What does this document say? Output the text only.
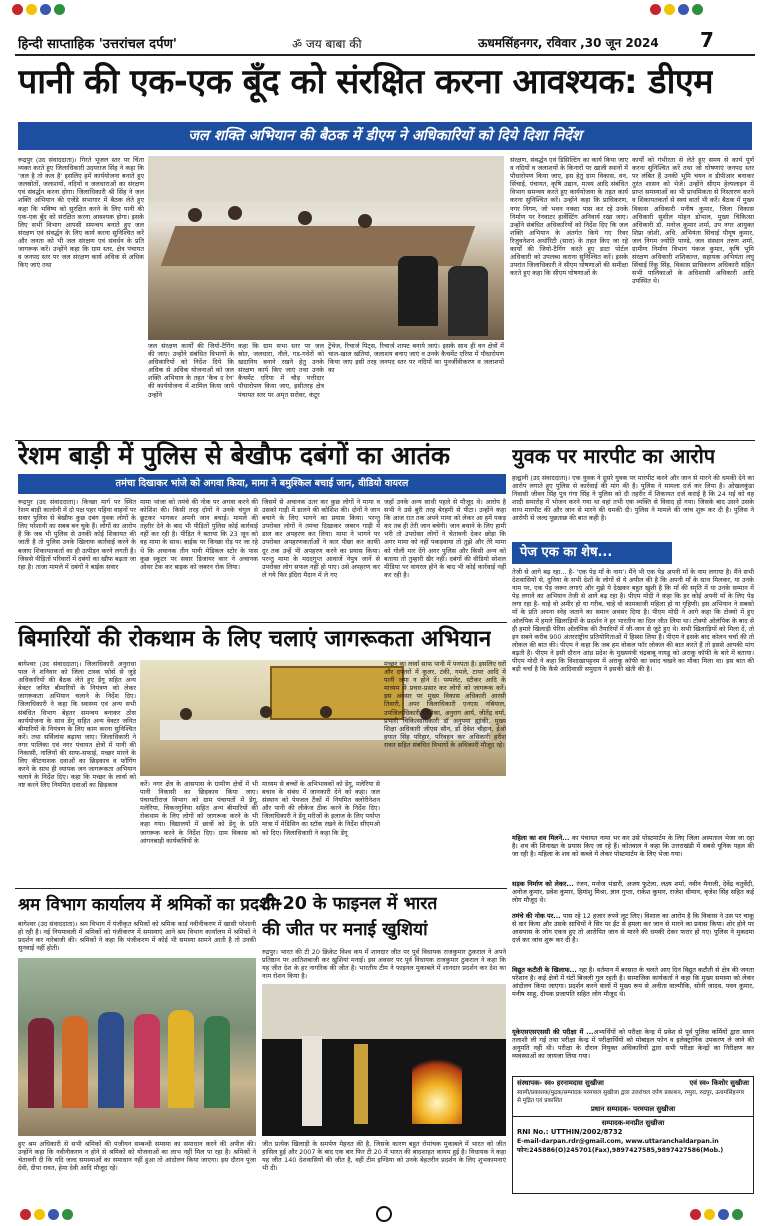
हिन्दी साप्ताहिक 'उत्तरांचल दर्पण'	ॐ जय बाबा की	ऊधमसिंहनगर, रविवार ,30 जून 2024 7
पानी की एक-एक बूँद को संरक्षित करना आवश्यक: डीएम
जल शक्ति अभियान की बैठक में डीएम ने अधिकारियों को दिये दिशा निर्देश
रूद्रपुर (उद संवाददाता)। गिरते भूजल स्तर पर चिंता व्यक्त करते हुए जिलाधिकारी उदयराज सिंह ने कहा कि 'जल है तो कल है' इसलिए हमें कार्ययोजना बनाते हुए जलस्रोतों, जलाशयों, नदियों व जलधाराओं का संरक्षण एवं संवर्द्धन करना होगा। जिलाधिकारी श्री सिंह ने जल शक्ति अभियान की एजेंडे सभागार में बैठक लेते हुए कहा कि भविष्य को सुरक्षित करने के लिए पानी की एक-एक बूँद को संरक्षित करना आवश्यक होगा। इसके लिए सभी विभाग आपसी समन्वय बनाते हुए जल संरक्षण एवं संवर्द्धन के लिए कार्य करना सुनिश्चित करें और जनता को भी जल संरक्षण एवं संवर्धन के प्रति जागरूक करें। उन्होंने कहा कि ग्राम स्तर, क्षेत्र पंचायत व जनपद स्तर पर जल संरक्षण कार्य अधिक से अधिक किए जाएं तथा
संरक्षण, संवर्द्धन एवं डिसिल्टिंग का कार्य किया जाए व नदियों व जलाशयों के किनारों पर खाली स्थानों में पौधारोपण किया जाए, इस हेतु ग्राम विकास, वन, सिंचाई, पंचायत, कृषि उद्यान, मत्स्य आदि संबंधित विभाग समन्वय करते हुए कार्ययोजना के तहत कार्य करना सुनिश्चित करें। उन्होंने कहा कि प्राधिकरण, नगर निगम, जो भवन नक्शा पास कर रहे उनके निर्माण पर रेनवाटर हार्वेस्टिंग अनिवार्य रखा जाए। उन्होंने संबंधित अधिकारियों को निर्देश दिए कि जल शक्ति अभियान के अंतर्गत किये गए रिवर रिजुवनेशन अथॉरिटी (सारा) के तहत किए जा रहे कार्यों की जियो-टैगिंग करते हुए डाटा पोर्टल अधिकारी को उपलब्ध कराना सुनिश्चित करें। इसके उपरांत जिलाधिकारी ने सीएम घोषणाओं की समीक्षा करते हुए कहा कि सीएम घोषणाओं के
कार्यों को गंभीरता से लेते हुए समय से कार्य पूर्ण करना सुनिश्चित करें तथा जो घोषणाएं जनपद स्तर पर लंबित हैं उनकी भूमि चयन व डीपीआर बनाकर तुरंत शासन को भेजें। उन्होंने सीएम हेल्पलाइन में प्राप्त समस्याओं का भी प्राथमिकता से निस्तारण करने व शिकायतकर्ता से स्वयं वार्ता भी करें। बैठक में मुख्य विकास अधिकारी मनीष कुमार, जिला विकास अधिकारी सुशील मोहन डोभाल, मुख्य चिकित्सा अधिकारी डॉ. मनोज कुमार शर्मा, उप नगर आयुक्त शिप्रा जोशी, अधि. अभियंता सिंचाई पीयूष कुमार, जल निगम ज्योति पाण्डे, जल संस्थान तरुण शर्मा, ग्रामीण निर्माण विभाग पंकज कुमार, कृषि भूमि संरक्षण अधिकारी शशिकान्त, सहायक अभियंता लघु सिंचाई रिंकू सिंह, विकास प्राधिकरण अधिकारी सहित सभी पालिकाओं के अधिशासी अधिकारी आदि उपस्थित थे।
जल संरक्षण कार्यों की जियो-टैगिंग की जाए। उन्होंने संबंधित विभागों के अधिकारियों को निर्देश दिये कि अधिक से अधिक योजनाओं को जल शक्ति अभियान के तहत 'कैच द रेन' की कार्ययोजना में शामिल किया जाये उन्होंने
कहा कि ग्राम सभा स्तर पर जल स्रोत, जलधारा, नौले, गड-गधेरों को खदानिय बनाने रखने हेतु उनके संरक्षण कार्य किए जाएं तथा उनके कैचमेंट एरिया में चौड़ पत्तीदार पौधारोपण किया जाए, इसीतरह क्षेत्र पंचायत स्तर पर अमृत सरोवर, कंटूर
ट्रेंचेज, रिचार्ज पिट्स, रिचार्ज शाफ्ट बनाये जाएं। इसके साथ ही वन क्षेत्रों में चाल-खाल खंतियां, जलाशय बनाए जाएं व उनके कैचमेंट एरिया में पौधारोपण किया जाए इसी तरह जनपद स्तर पर नदियों का पुनर्जीवीकरण व जलाशयों का
रेशम बाड़ी में पुलिस से बेखौफ दबंगों का आतंक
तमंचा दिखाकर भांजे को अगवा किया, मामा ने बमुश्किल बचाई जान, वीडियो वायरल
रूद्रपुर (उद संवाददाता)। किच्छा मार्ग पर स्थित रेशम बाड़ी कालोनी में दो पक्ष पहर पहिया वाहनों पर सवार पुलिस से बेखौफ कुछ दबंग युवक लोगों के लिए परेशानी का सबब बन चुके हैं। लोगों का आरोप है कि जब भी पुलिस से उनकी कोई शिकायत की जाती है तो पुलिस उनके खिलाफ कार्रवाई करने के बजाए शिकायतकर्ता का ही उत्पीड़न करने लगती है। जिससे पीड़ितों परिवारों में दबंगों का खौफ बढ़ता जा रहा है। ताजा मामले में दबंगों ने बाईक सवार
मामा भांजा को तमंचे की नोक पर अगवा करने की कोशिश की। किसी तरह दोनों ने उनके चंगुल से छूटकर भागकर अपनी जान बचाई। मामले की तहरीर देने के बाद भी पीड़ितों पुलिस कोई कार्रवाई नहीं कर रही है। पीड़ित ने बताया कि 23 जून को वह मामा के साथ। बाईक पर किच्छा रोड़ पर जा रहे थे कि अचानक तीन पानी मेडिकल स्टोर के पास कुछ स्कूटर पर सवार डिजायर कार ने अचानक ओवर टेक कर बाइक को जबरन रोक लिया।
जिसमें से अचानक उतर कर कुछ लोगों ने मामा व उसको गाड़ी में डालने की कोशिश की। दोनों ने जान बचाने के लिए भागने का प्रयास किया। परन्तु उपरोक्त लोगों ने तमंचा दिखाकर जबरन गाड़ी में डाल कर अपहरण कर लिया। मामा ने भागने पर उपरोक्त अपहरणकर्ताओं ने कार पीछा कर काफी दूर तक उन्हें भी अपहरण करने का प्रयास किया। परन्तु मामा के मददगुप्त आवाजें नेपुत्र जानें से उपरोक्त लोग सफल नहीं हो पाए। उसे अपहरण कर ले गये फिर इंदिरा मैदान में ले गए
जहाँ उनके अन्य साथी पहले से मौजूद थे। आरोप है सभी ने उसे बुरी तरह बेरहमी से पीटा। उन्होंने कहा कि आज रात तक अपने मामा को लेकर आ हमें पकड़ कर तब ही तेरी जान बचेगी। जान बचाने के लिए हामी भरी तो उपरोक्त लोगों ने चेतावनी देकर छोड़ा कि अगर मामा को नहीं पकड़वाया तो तुझे और तेरे मामा को गोली मार देंगे अगर पुलिस और किसी अन्य को बताया तो तुम्हारी खैर नहीं। दबंगों की वीडियो सोशल मीडिया पर वायरल होने के बाद भी कोई कार्रवाई नहीं कर रही है।
युवक पर मारपीट का आरोप
हल्द्वानी (उद संवाददाता)। एक युवक ने दूसरे युवक पर मारपीट करने और जान से मारने की धमकी देने का आरोप लगाते हुए पुलिस से कार्रवाई की मांग की है। पुलिस ने मामला दर्ज कर लिया है। ओखलकुंडा निवासी जीवन सिंह पुत्र गंगा सिंह ने पुलिस को दी तहरीर में शिकायत दर्ज कराई है कि 24 मई को वह शादी समारोह में भोजन करने गया था वहां तभी एक व्यक्ति से विवाद हो गया। जिसके बाद उसने उसके साथ मारपीट की और जान से मारने की धमकी दी। पुलिस ने मामले की जांच शुरू कर दी है। पुलिस ने आरोपी से जल्द पूछताछ की बात कही है।
पेज एक का शेष...
तेजी से आगे बढ़ रहा... है- 'एक पेड़ माँ के नाम'। मैंने भी एक पेड़ अपनी माँ के नाम लगाया है। मैंने सभी देशवासियों से, दुनिया के सभी देशों के लोगों से ये अपील की है कि अपनी माँ के साथ मिलकर, या उनके नाम पर, एक पेड़ जरूर लगाएं और मुझे ये देखकर बहुत खुशी है कि माँ की स्मृति में या उनके सम्मान में पेड़ लगाने का अभियान तेजी से आगे बढ़ रहा है। पीएम मोदी ने कहा कि हर कोई अपनी माँ के लिए पेड़ लगा रहा है- चाहे वो अमीर हो या गरीब, चाहे वो कामकाजी महिला हो या गृहिणी। इस अभियान ने सबको माँ के प्रति अपना स्नेह जताने का समान अवसर दिया है। पीएम मोदी ने आगे कहा कि टोक्यो में हुए ओलंपिक में हमारे खिलाड़ियों के प्रदर्शन ने हर भारतीय का दिल जीत लिया था। टोक्यो ओलंपिक के बाद से ही हमारे खिलाड़ी पेरिस ओलंपिक की तैयारियों में जी-जान से जुटे हुए थे। सभी खिलाड़ियों को मिला दें, तो इन सबने करीब 900 अंतरराष्ट्रीय प्रतियोगिताओं में हिस्सा लिया है। पीएम ने इसके बाद कोलन चर्चा की तो लोकल की बात की। पीएम ने कहा कि जब हम वोकल फॉर लोकल की बात करते हैं तो इससे आपकी मांग बढ़ती है। पीएम ने इसी दौरान आंध्र प्रदेश के मुख्यमंत्री चंद्रबाबू नायडू को अराकू कॉफी के बारे में बताया। पीएम मोदी ने कहा कि विशाखापट्टनम में अराकू कॉफी का स्वाद चखने का मौका मिला था। इस बात की बड़ी चर्चा है कि कैसे आदिवासी समुदाय ने इसकी खेती की है।
महिला का शव मिलने... का पंचायत नामा भर कर उसे पोस्टमार्टम के लिए जिला अस्पताल भेजा जा रहा है। शव की शिनाख्त के प्रयास किए जा रहे हैं। कोतवाल ने कहा कि उत्तराखंडी में सबसे यूनिक पहल की जा रही है। महिला के शव को कब्जे में लेकर पोस्टमार्टम के लिए भेजा गया।
सड़क निर्माण को लेकर... रंजन, मनोज भंडारी, अजय फुटेला, लक्ष्य शर्मा, नवीन मैनाली, देवेंद्र चतुर्वेदी, अनोज कुमार, प्रवेश कुमार, हिमांशु मिश्रा, ज्ञान गुप्ता, राकेश कुमार, राजेश धीमान, बृजेश सिंह सहित कई लोग मौजूद थे।
तमंचे की नोक पर... पास रहे 12 हजार रुपये लूट लिए। विशाल का आरोप है कि विकास ने उस पर चाकू से वार किया और उसके साथियों ने सिर पर ईंट से हमला कर जान से मारने का प्रयास किया। शोर होने पर आसपास के लोग एकत्र हुए तो आरोपित जान से मारने की धमकी देकर फरार हो गए। पुलिस ने मुकदमा दर्ज कर जांच शुरू कर दी है।
विद्युत कटौती के खिलाफ... रहा है। वर्तमान में बरसात के चलते आए दिन विद्युत कटौती से क्षेत्र की जनता परेशान है। कई क्षेत्रों में घंटों बिजली गुल रहती है। सामाजिक कार्यकर्ता ने कहा कि मुख्य समस्या को लेकर आंदोलन किया जाएगा। प्रदर्शन करने वालों में मुख्य रूप से अनीता वाल्मीकि, सोनी जादव, पवन कुमार, मनीष साहू, दीपक प्रजापति सहित लोग मौजूद थे।
यूकेएसएसएससी की परीक्षा में ...अभ्यर्थियों को परीक्षा केन्द्र में प्रवेश से पूर्व पुलिस कर्मियों द्वारा सघन तलाशी ली गई तथा परीक्षा केन्द्र में परीक्षार्थियों को मोबाइल फोन व इलेक्ट्रानिक उपकरण ले जाने की अनुमति नहीं थी। परीक्षा के दौरान नियुक्त अधिकारियों द्वारा सभी परीक्षा केन्द्रों का निरीक्षण कर व्यवस्थाओं का जायजा लिया गया।
संस्थापक- स्व० हरनामदास सुखीजा	एवं स्व० किशोर सुखीजा
स्वामी/प्रकाशक/मुद्रक/सम्पादक परमपाल सुखीजा द्वारा उत्तरांचल दर्पण प्रकाशन, रम्पुरा, रुद्रपुर, ऊधमसिंहनगर से मुद्रित एवं प्रकाशित
प्रधान सम्पादक- परमपाल सुखीजा
सम्पादक-मनप्रीत सुखीजा
RNI No.: UTTHIN/2002/8732
E-mail-darpan.rdr@gmail.com, www.uttaranchaldarpan.in
फोन:245886(O)245701(Fax),9897427585,9897427586(Mob.)
बिमारियों की रोकथाम के लिए चलाएं जागरूकता अभियान
बागेश्वर (उद संवाददाता)। जिलाधिकारी अनुराधा पाल ने शनिवार को जिला टास्क फोर्स से जुड़े अधिकारियों की बैठक लेते हुए डेंगू सहित अन्य वेक्टर जनित बीमारियों के नियंत्रण को लेकर जागरूकता अभियान चलाने के निर्देश दिए। जिलाधिकारी ने कहा कि स्वास्थ्य एवं अन्य सभी संबंधित विभाग बेहतर समन्वय बनाकर ठोस कार्ययोजना के साथ डेंगू सहित अन्य वेक्टर जनित बीमारियों के नियंत्रण के लिए काम करना सुनिश्चित करें। तथा सर्विलांस बढ़ाया जाए। जिलाधिकारी ने नगर पालिका एवं नगर पंचायत क्षेत्रों में पानी की निकासी, नालियों की साफ-सफाई, मच्छर मारने के लिए कीटनाशक दवाओं का छिड़काव व फॉगिंग करने के साथ ही व्यापक जन जागरूकता अभियान चलाने के निर्देश दिए। कहा कि मच्छर के लार्वा को नष्ट करने लिए नियमित दवाओं का छिड़काव	करें। नगर क्षेत्र के आसपास के ग्रामीण क्षेत्रों में भी पानी निकासी का छिड़काव किया जाए। पंचायतीराज विभाग को ग्राम पंचायतों में डेंगू, मलेरिया, चिकनगुनिया सहित अन्य बीमारियों की रोकथाम के लिए लोगों को जागरूक करने के भी कहा गया। विद्यालयों में छात्रों को डेंगू के प्रति जागरूक करने के निर्देश दिए। ग्राम विकास को आंगनबाड़ी कार्यकत्रियों के
माध्यम से बच्चों के अभिभावकों को डेंगू, मलेरिया से बचाव के संबंध में जानकारी देने को कहा। जल संस्थान को पेयजल टैंकों में नियमित क्लोरीनेशन और पानी की लीकेज ठीक करने के निर्देश दिए। जिलाधिकारी ने डेंगू मरीजों के इलाज के लिए पर्याप्त मात्रा में मेडिसिन का स्टॉक रखने के निर्देश सीएमओ को दिए। जिलाधिकारी ने कहा कि डेंगू
मच्छर का लार्वा साफ पानी में पनपता है। इसलिए घरों और दफ्तरों में कूलर, टंकी, गमले, टायर आदि में पानी जमा न होने दें। पम्पलेट, स्टीकर आदि के माध्यम से प्रचार-प्रसार कर लोगों को जागरूक करें। इस अवसर पर मुख्य विकास अधिकारी आरसी तिवारी, अपर जिलाधिकारी एनएस नबियाल, उपजिलाधिकारी मोनिका, अनुराग आर्य, जीतेंद्र वर्मा, प्रभारी चिकित्साधिकारी डॉ अनुपमा ह्यांकी, मुख्य शिक्षा अधिकारी जीएस सौन, डॉ देवेश चौहान, ईओ हयात सिंह परिहार, परिवहन कर अधिकारी हरीश रावत सहित संबंधित विभागों के अधिकारी मौजूद रहे।
श्रम विभाग कार्यालय में श्रमिकों का प्रदर्शन
बागेश्वर (उद संवाददाता)। श्रम विभाग में पंजीकृत श्रमिकों को श्रमिक कार्ड नवीनीकरण में खासी परेशानी हो रही है। नई नियमावली में श्रमिकों को पंजीकरण में समस्याएं आने श्रम विभाग कार्यालय में श्रमिकों ने प्रदर्शन कर नारेबाजी की। श्रमिकों ने कहा कि पंजीकरण में कोई भी समस्या सामने आती है तो उनकी सुनवाई नहीं होती।
हुए श्रम अधिकारी से सभी श्रमिकों की पंजीयन सम्बन्धी समस्या का समाधान करने की अपील की। उन्होंने कहा कि नवीनीकरण न होने से श्रमिकों को योजनाओं का लाभ नहीं मिल पा रहा है। श्रमिकों ने चेतावनी दी कि यदि जल्द समस्याओं का समाधान नहीं हुआ तो आंदोलन किया जाएगा। इस दौरान पूजा देवी, दीपा रावत, हेमा देवी आदि मौजूद रहे।
टी-20 के फाइनल में भारत
की जीत पर मनाई खुशियां
रुद्रपुर। भारत की टी 20 क्रिकेट विश्व कप में शानदार जीत पर पूर्व विधायक राजकुमार ठुकराल ने अपने प्रतिष्ठान पर आतिशबाजी कर खुशियां मनाई। इस अवसर पर पूर्व विधायक राजकुमार ठुकराल ने कहा कि यह जीत देश के हर नागरिक की जीत है। भारतीय टीम ने फाइनल मुकाबले में शानदार प्रदर्शन कर देश का नाम रोशन किया है।
जीत प्रत्येक खिलाड़ी के समर्पण मेहनत की है, जिसके कारण बहुत रोमांचक मुकाबले में भारत को जीत हासिल हुई और 2007 के बाद एक बार फिर टी 20 में भारत की बादशाहत कायम हुई है। विधायक ने कहा यह जीत 140 देशवासियों की जीत है, वहीं टीम इण्डिया को उनके बेहतरीन प्रदर्शन के लिए शुभकामनाएं भी दी।
